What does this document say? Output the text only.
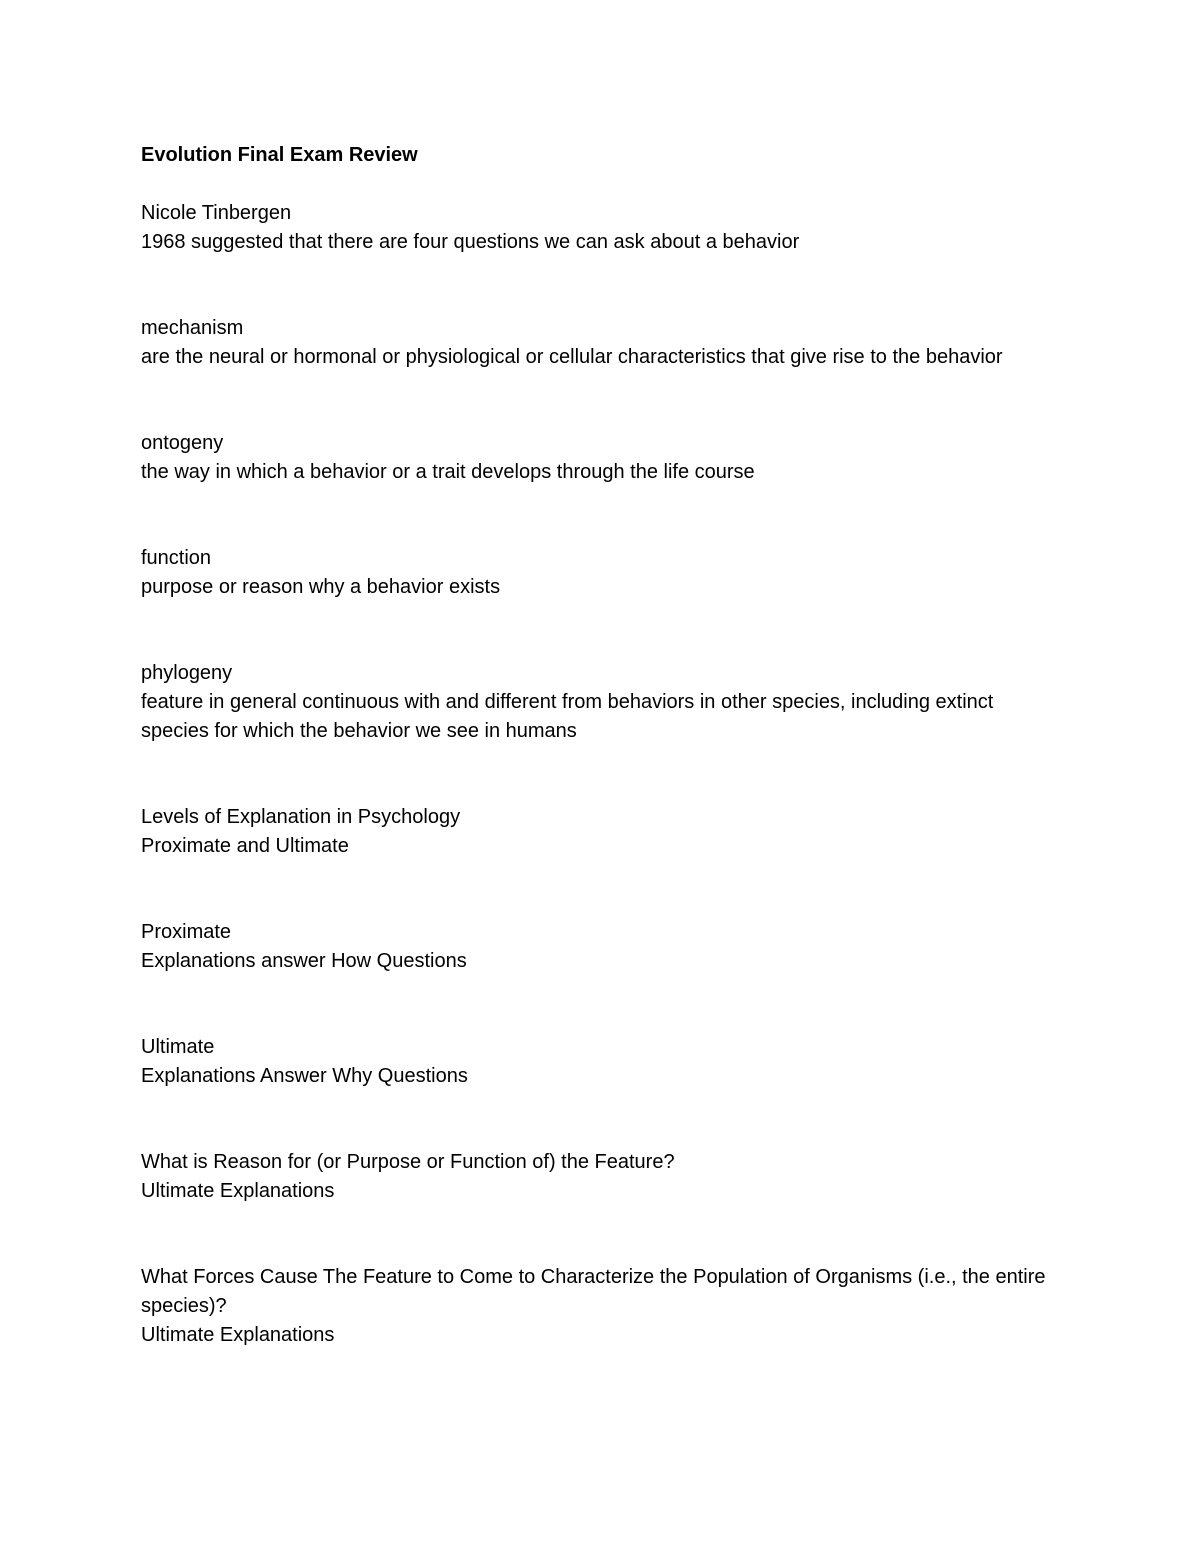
Evolution Final Exam Review
Nicole Tinbergen
1968 suggested that there are four questions we can ask about a behavior
mechanism
are the neural or hormonal or physiological or cellular characteristics that give rise to the behavior
ontogeny
the way in which a behavior or a trait develops through the life course
function
purpose or reason why a behavior exists
phylogeny
feature in general continuous with and different from behaviors in other species, including extinct species for which the behavior we see in humans
Levels of Explanation in Psychology
Proximate and Ultimate
Proximate
Explanations answer How Questions
Ultimate
Explanations Answer Why Questions
What is Reason for (or Purpose or Function of) the Feature?
Ultimate Explanations
What Forces Cause The Feature to Come to Characterize the Population of Organisms (i.e., the entire species)?
Ultimate Explanations
